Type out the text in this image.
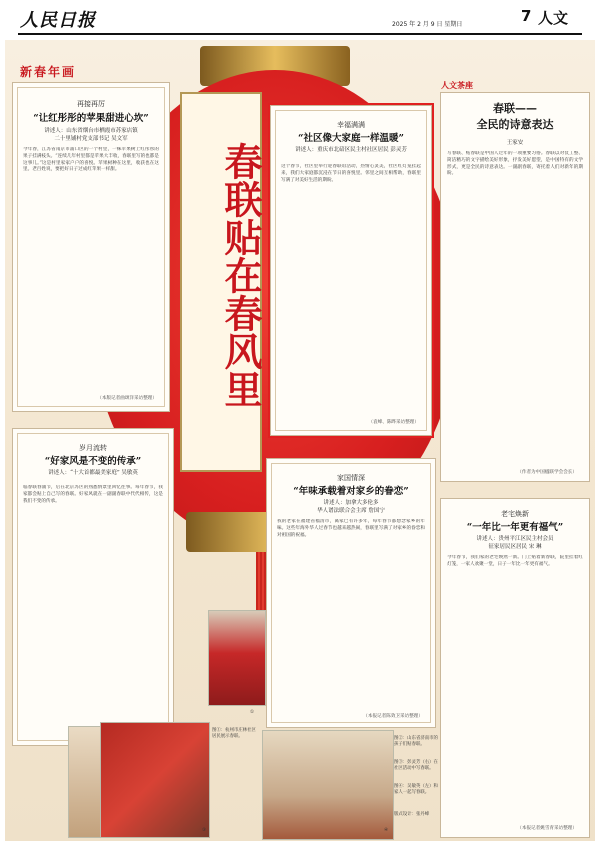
人民日报	2025 年 2 月 9 日 星期日	7 人文
新春年画
春联贴在春风里
再接再厉
“让红彤彤的苹果甜进心坎”
讲述人：山东省烟台市栖霞市苏家店镇
二十里铺村党支部书记 吴文军
今年春，江苏省南京市浦口区的一个村里，一株苹果树上红彤彤的果子挂满枝头。“连续几年村里都是苹果大丰收，春联里写的也都是这事儿。”这是村里家家户户的喜悦。苹果树种在这里，收获也在这里。老百姓说，要把好日子过成红苹果一样甜。
（本版记者曲颂洋采访整理）
幸福满满
“社区像大家庭一样温暖”
讲述人：重庆市北碚区民主村社区居民 彭灵芳
这个春节，社区里举行迎春联谊活动，热情心灵美，社区红灯笼挂起来，我们大家庭都沉浸在节日的喜悦里。邻里之间互相帮助，春联里写满了对美好生活的期盼。
（袁峰、陈晔采访整理）
人文茶座
春联——
全民的诗意表达
王家安
写春联、贴春联是中国人过年的一项重要习俗。春联以对仗工整、简洁精巧的文字描绘美好形象，抒发美好愿望，是中国特有的文学形式，更是全民的诗意表达。一副副春联，寄托着人们对新年的期盼。
（作者为中国楹联学会会长）
岁月流转
“好家风是不变的传承”
讲述人：“十大首都最美家庭” 吴敏英
临春联春涌节，后在北京苏区的熟悉情景里回忆往事。每年春节，我家都会贴上自己写的春联。好家风就在一副副春联中代代相传，这是我们不变的传承。
家国情深
“年味承载着对家乡的眷恋”
讲述人：加拿大多伦多
华人谱法联合会主席 詹国宁
我的老家在福建省福清市，离家已有许多年，每年春节都想念家乡的年味。这些年海外华人过春节也越来越热闹，春联里写满了对家乡的眷恋和对祖国的祝福。
（本报记者陈效卫采访整理）
老宅焕新
“一年比一年更有福气”
讲述人：贵州平江区民主村会员
征家居民区居民 宋 琳
今年春节，我们家的老宅焕然一新。门上贴着新春联，院里挂着红灯笼，一家人欢聚一堂，日子一年比一年更有福气。
（本报记者姚雪青采访整理）
①
③	④
图①：杭州市庄林社区居民展示春联。	图②：山东省济南市的孩子们贴春联。
图③：彭灵芳（右）在社区活动中写春联。
图④：吴敏英（左）和家人一起写春联。
版式设计：张丹峰
